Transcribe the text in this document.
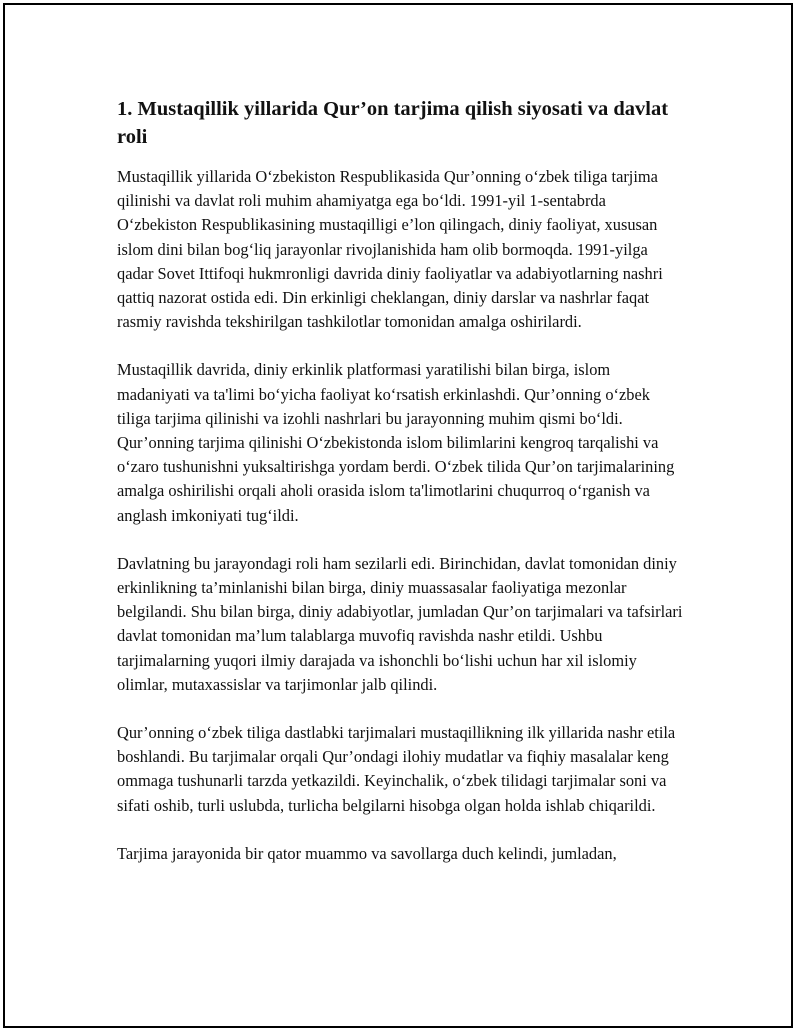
1. Mustaqillik yillarida Qur’on tarjima qilish siyosati va davlat roli

Mustaqillik yillarida O‘zbekiston Respublikasida Qur’onning o‘zbek tiliga tarjima qilinishi va davlat roli muhim ahamiyatga ega bo‘ldi. 1991-yil 1-sentabrda O‘zbekiston Respublikasining mustaqilligi e’lon qilingach, diniy faoliyat, xususan islom dini bilan bog‘liq jarayonlar rivojlanishida ham olib bormoqda. 1991-yilga qadar Sovet Ittifoqi hukmronligi davrida diniy faoliyatlar va adabiyotlarning nashri qattiq nazorat ostida edi. Din erkinligi cheklangan, diniy darslar va nashrlar faqat rasmiy ravishda tekshirilgan tashkilotlar tomonidan amalga oshirilardi.

Mustaqillik davrida, diniy erkinlik platformasi yaratilishi bilan birga, islom madaniyati va ta'limi bo‘yicha faoliyat ko‘rsatish erkinlashdi. Qur’onning o‘zbek tiliga tarjima qilinishi va izohli nashrlari bu jarayonning muhim qismi bo‘ldi. Qur’onning tarjima qilinishi O‘zbekistonda islom bilimlarini kengroq tarqalishi va o‘zaro tushunishni yuksaltirishga yordam berdi. O‘zbek tilida Qur’on tarjimalarining amalga oshirilishi orqali aholi orasida islom ta'limotlarini chuqurroq o‘rganish va anglash imkoniyati tug‘ildi.

Davlatning bu jarayondagi roli ham sezilarli edi. Birinchidan, davlat tomonidan diniy erkinlikning ta’minlanishi bilan birga, diniy muassasalar faoliyatiga mezonlar belgilandi. Shu bilan birga, diniy adabiyotlar, jumladan Qur’on tarjimalari va tafsirlari davlat tomonidan ma’lum talablarga muvofiq ravishda nashr etildi. Ushbu tarjimalarning yuqori ilmiy darajada va ishonchli bo‘lishi uchun har xil islomiy olimlar, mutaxassislar va tarjimonlar jalb qilindi.

Qur’onning o‘zbek tiliga dastlabki tarjimalari mustaqillikning ilk yillarida nashr etila boshlandi. Bu tarjimalar orqali Qur’ondagi ilohiy mudatlar va fiqhiy masalalar keng ommaga tushunarli tarzda yetkazildi. Keyinchalik, o‘zbek tilidagi tarjimalar soni va sifati oshib, turli uslubda, turlicha belgilarni hisobga olgan holda ishlab chiqarildi.

Tarjima jarayonida bir qator muammo va savollarga duch kelindi, jumladan,
